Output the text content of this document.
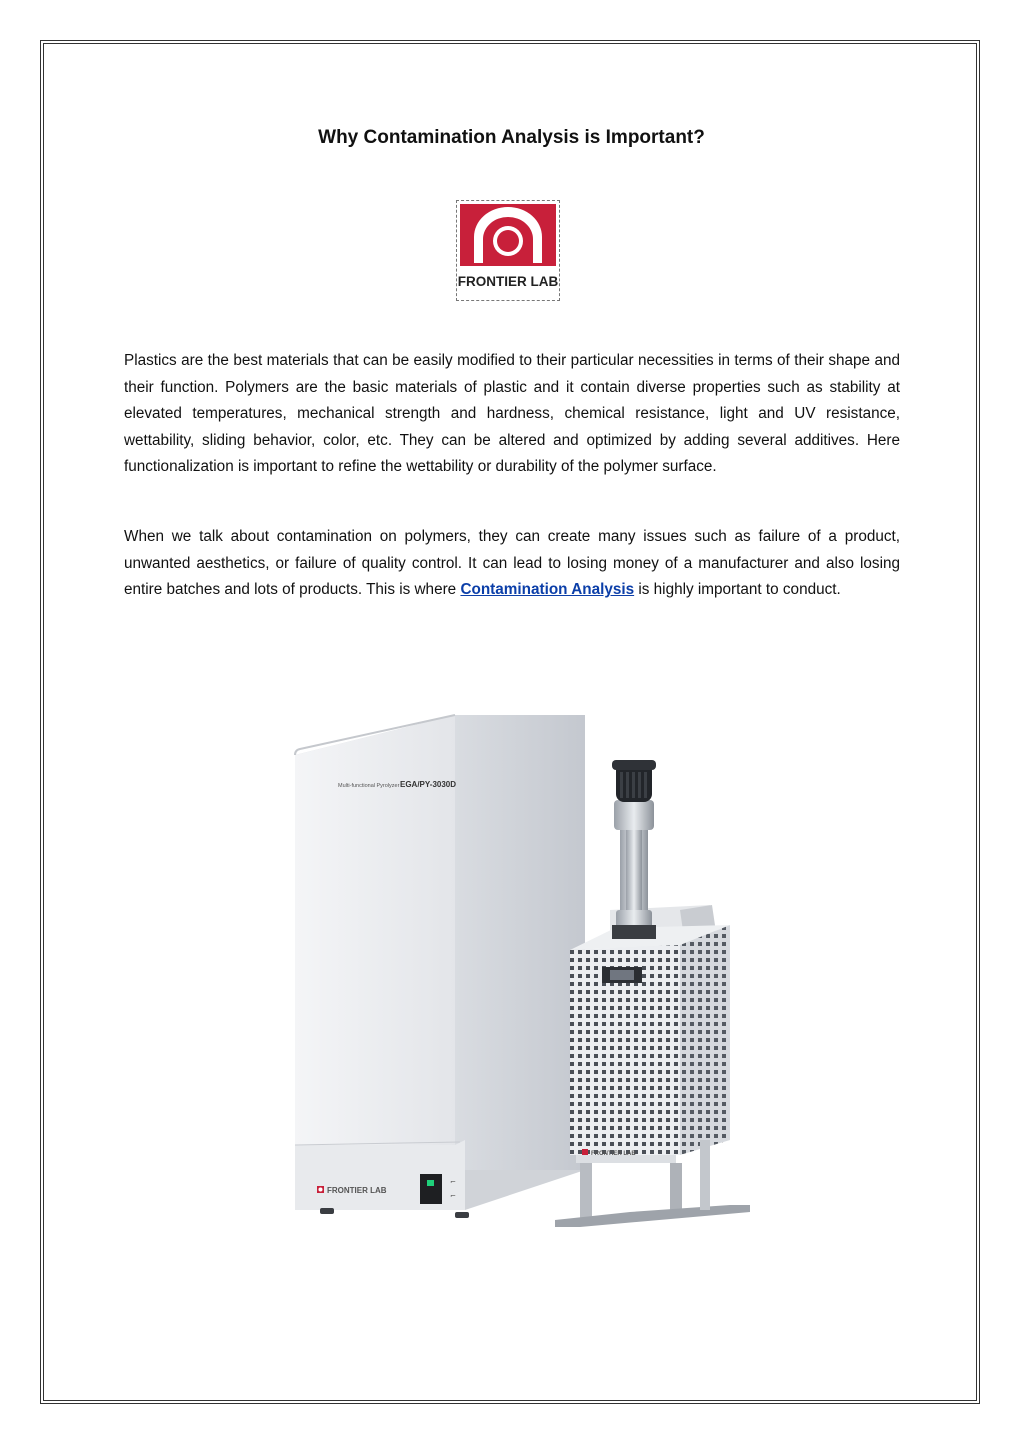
Why Contamination Analysis is Important?
FRONTIER LAB

Plastics are the best materials that can be easily modified to their particular necessities in terms of their shape and their function. Polymers are the basic materials of plastic and it contain diverse properties such as stability at elevated temperatures, mechanical strength and hardness, chemical resistance, light and UV resistance, wettability, sliding behavior, color, etc. They can be altered and optimized by adding several additives. Here functionalization is important to refine the wettability or durability of the polymer surface.

When we talk about contamination on polymers, they can create many issues such as failure of a product, unwanted aesthetics, or failure of quality control. It can lead to losing money of a manufacturer and also losing entire batches and lots of products. This is where Contamination Analysis is highly important to conduct.

Multi-functional Pyrolyzer EGA/PY-3030D
FRONTIER LAB
⌐
⌐
FRONTIER LAB
